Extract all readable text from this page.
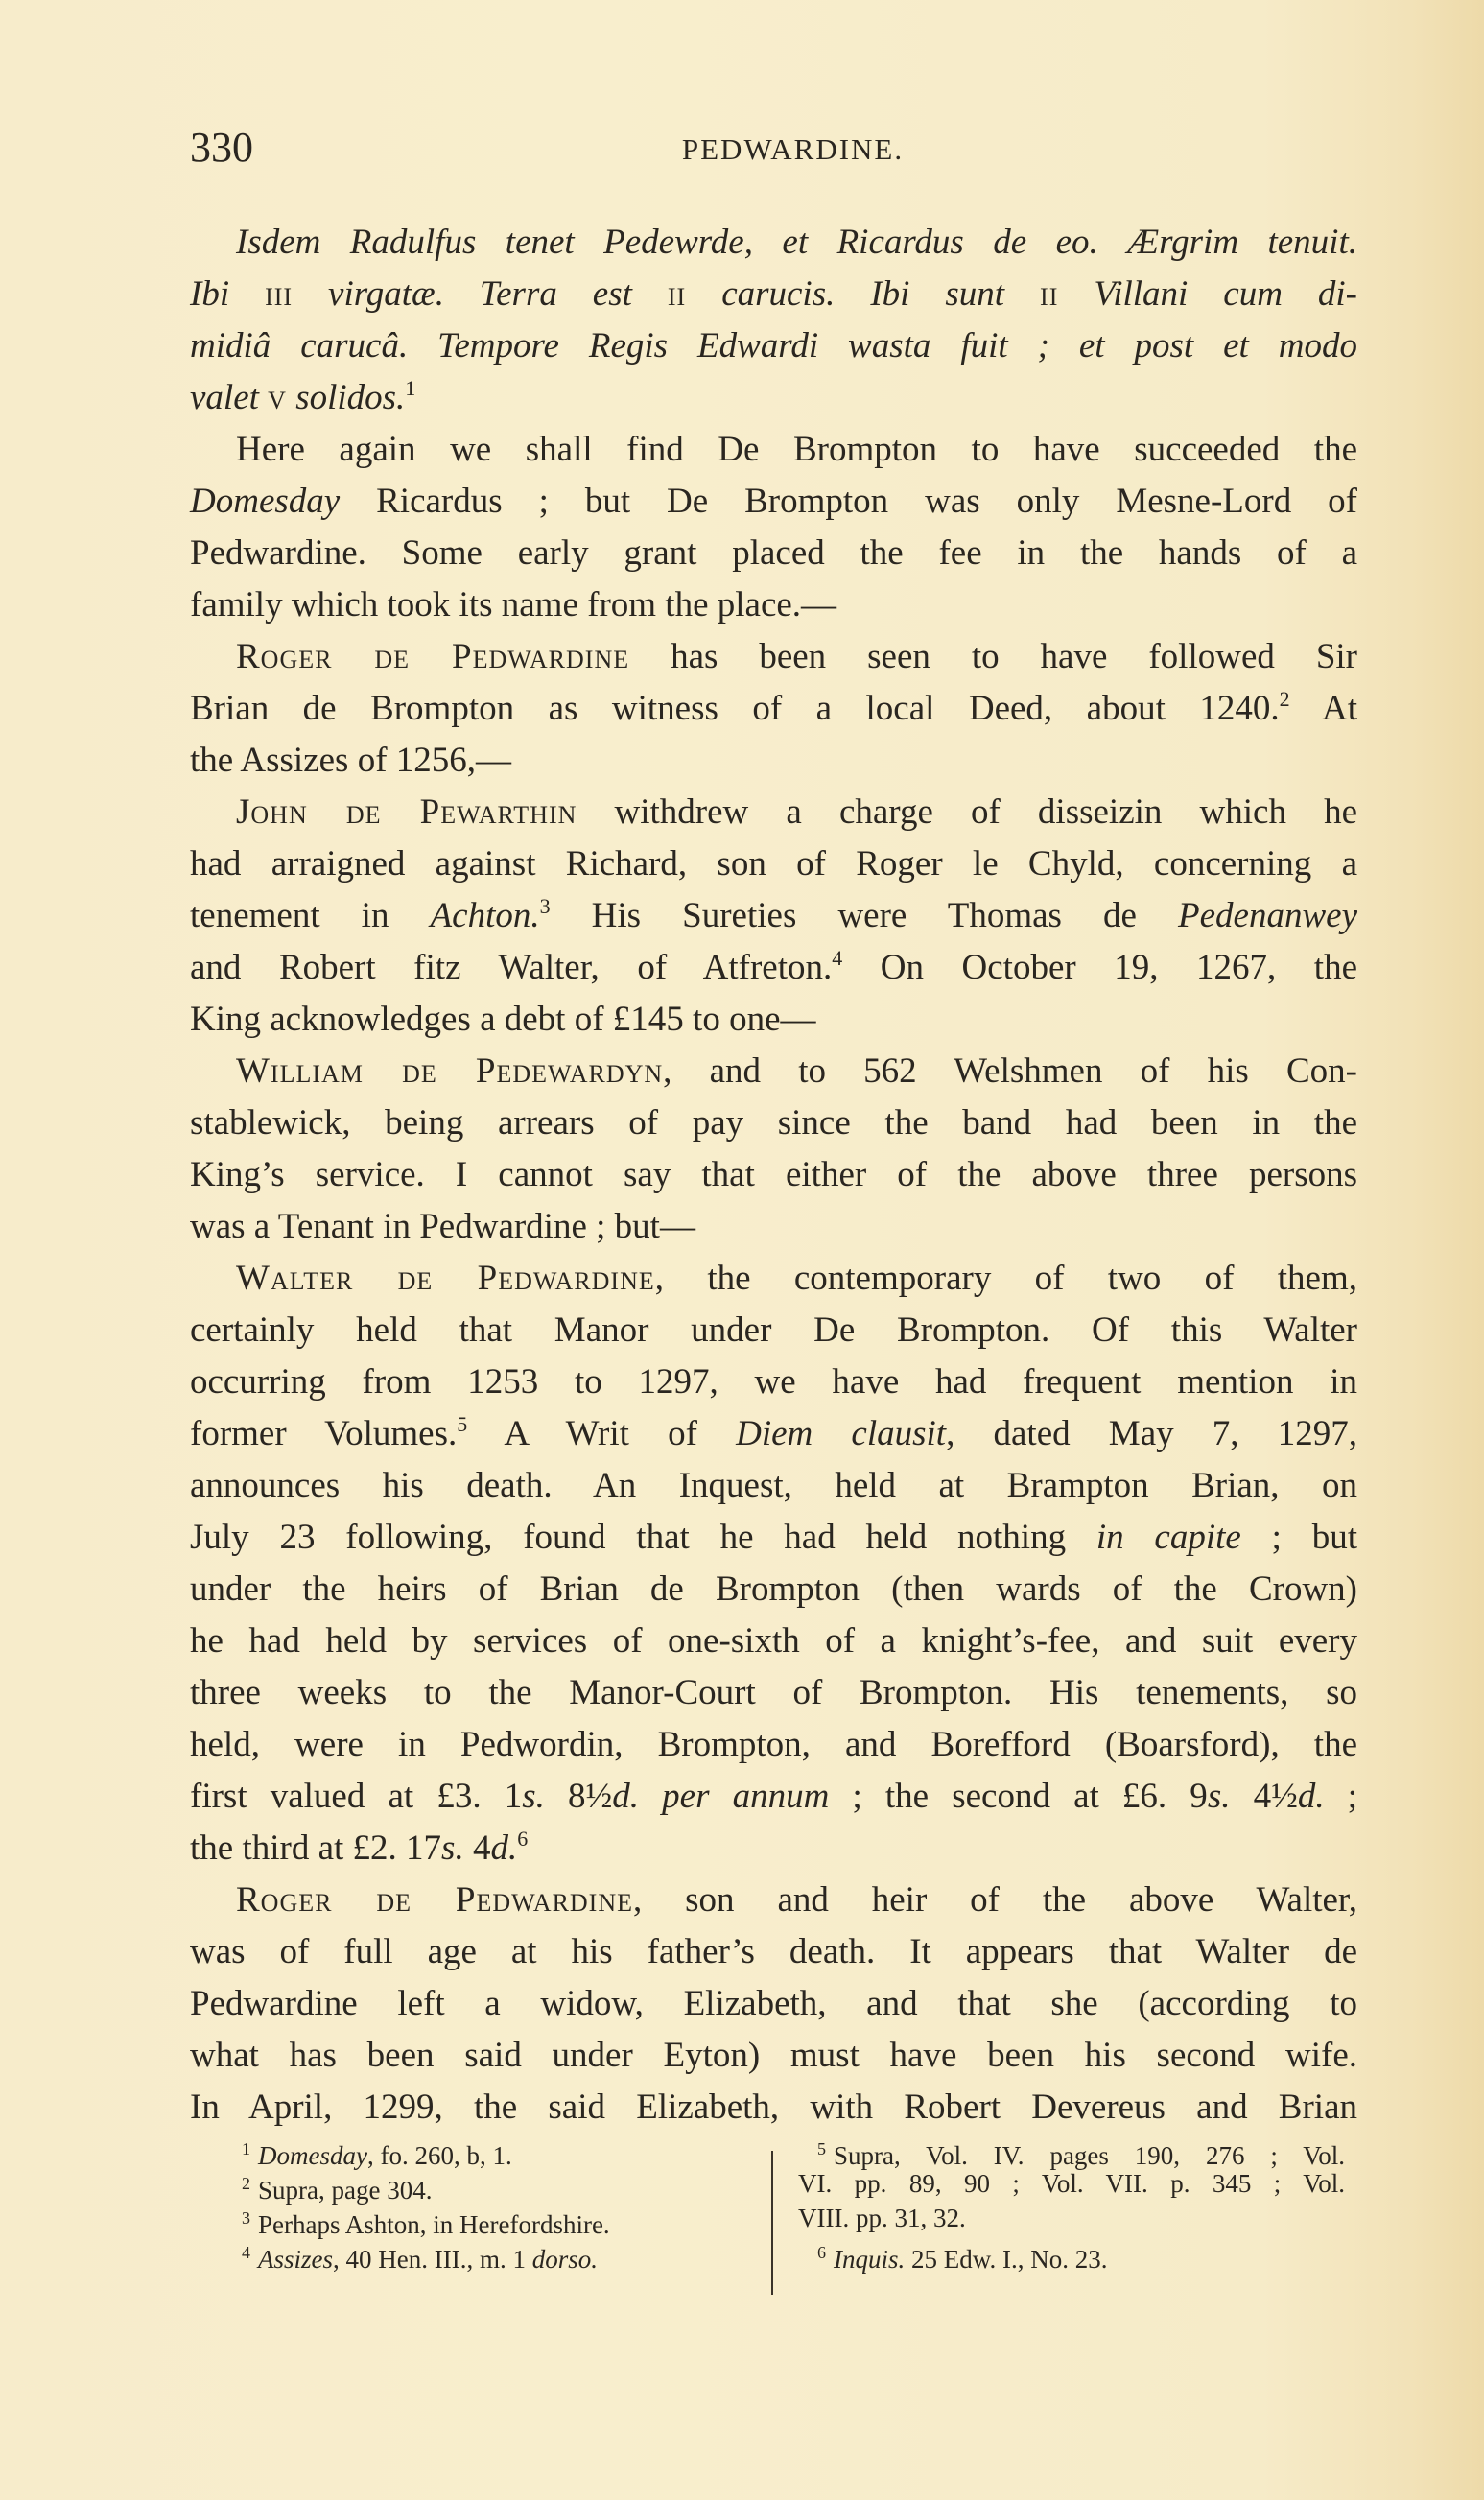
330	PEDWARDINE.
Isdem Radulfus tenet Pedewrde, et Ricardus de eo. Ærgrim tenuit.
Ibi iii virgatæ. Terra est ii carucis. Ibi sunt ii Villani cum di-
midiâ carucâ. Tempore Regis Edwardi wasta fuit ; et post et modo
valet v solidos.$^1$
Here again we shall find De Brompton to have succeeded the
Domesday Ricardus ; but De Brompton was only Mesne-Lord of
Pedwardine. Some early grant placed the fee in the hands of a
family which took its name from the place.—
Roger de Pedwardine has been seen to have followed Sir
Brian de Brompton as witness of a local Deed, about 1240.$^2$ At
the Assizes of 1256,—
John de Pewarthin withdrew a charge of disseizin which he
had arraigned against Richard, son of Roger le Chyld, concerning a
tenement in Achton.$^3$ His Sureties were Thomas de Pedenanwey
and Robert fitz Walter, of Atfreton.$^4$ On October 19, 1267, the
King acknowledges a debt of £145 to one—
William de Pedewardyn, and to 562 Welshmen of his Con-
stablewick, being arrears of pay since the band had been in the
King’s service. I cannot say that either of the above three persons
was a Tenant in Pedwardine ; but—
Walter de Pedwardine, the contemporary of two of them,
certainly held that Manor under De Brompton. Of this Walter
occurring from 1253 to 1297, we have had frequent mention in
former Volumes.$^5$ A Writ of Diem clausit, dated May 7, 1297,
announces his death. An Inquest, held at Brampton Brian, on
July 23 following, found that he had held nothing in capite ; but
under the heirs of Brian de Brompton (then wards of the Crown)
he had held by services of one-sixth of a knight’s-fee, and suit every
three weeks to the Manor-Court of Brompton. His tenements, so
held, were in Pedwordin, Brompton, and Borefford (Boarsford), the
first valued at £3. 1s. 8½d. per annum ; the second at £6. 9s. 4½d. ;
the third at £2. 17s. 4d.$^6$
Roger de Pedwardine, son and heir of the above Walter,
was of full age at his father’s death. It appears that Walter de
Pedwardine left a widow, Elizabeth, and that she (according to
what has been said under Eyton) must have been his second wife.
In April, 1299, the said Elizabeth, with Robert Devereus and Brian
$^1$ Domesday, fo. 260, b, 1.
$^2$ Supra, page 304.
$^3$ Perhaps Ashton, in Herefordshire.
$^4$ Assizes, 40 Hen. III., m. 1 dorso.
$^5$ Supra, Vol. IV. pages 190, 276 ; Vol.
VI. pp. 89, 90 ; Vol. VII. p. 345 ; Vol.
VIII. pp. 31, 32.
$^6$ Inquis. 25 Edw. I., No. 23.
